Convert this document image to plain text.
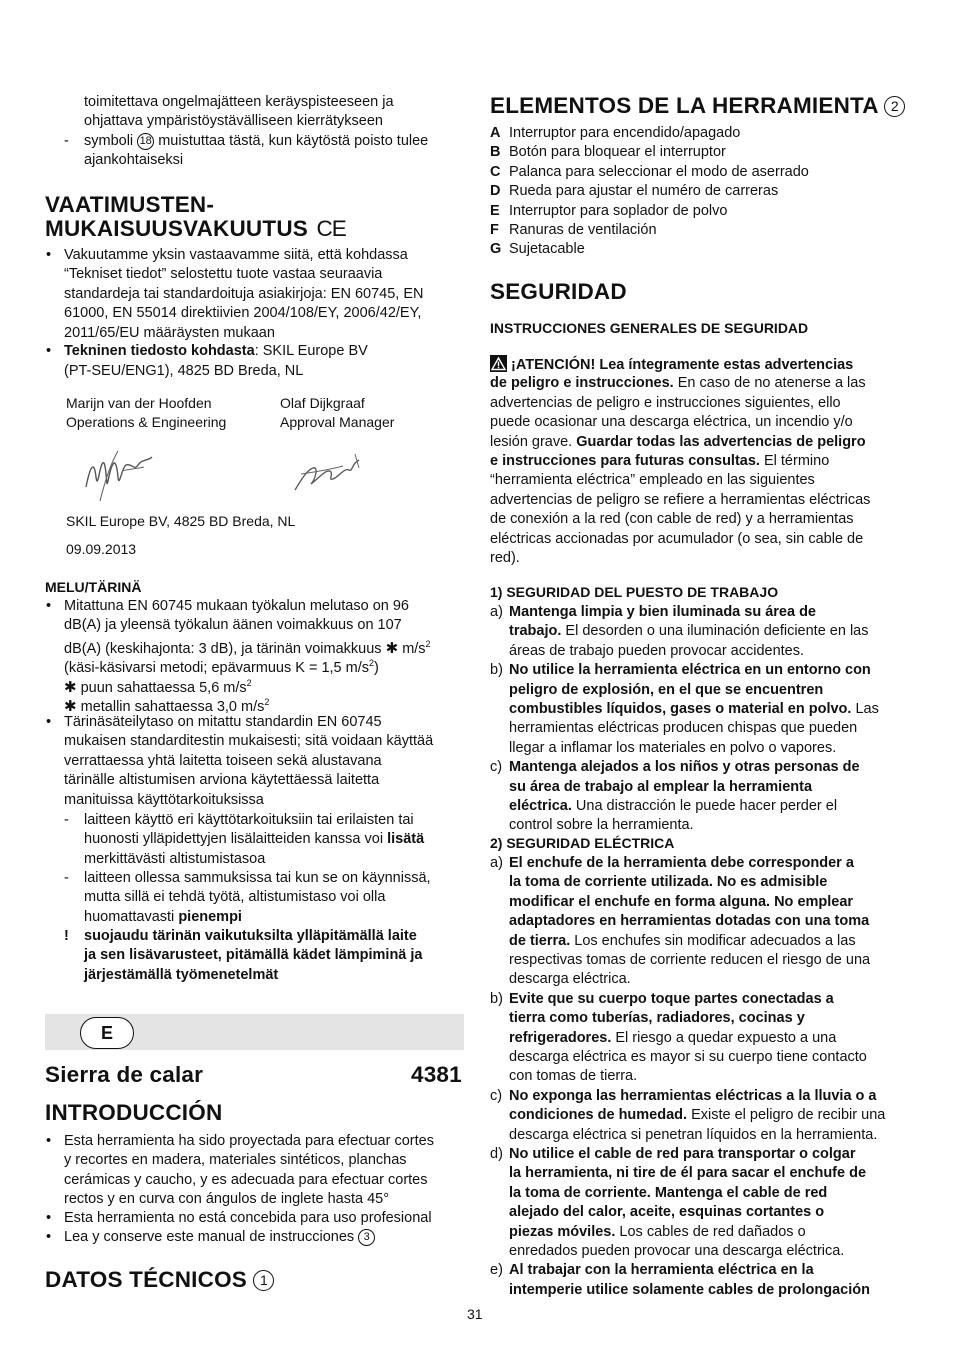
toimitettava ongelmajätteen keräyspisteeseen ja
ohjattava ympäristöystävälliseen kierrätykseen
- symboli 18 muistuttaa tästä, kun käytöstä poisto tulee
ajankohtaiseksi
VAATIMUSTEN-
MUKAISUUSVAKUUTUS CE
• Vakuutamme yksin vastaavamme siitä, että kohdassa
“Tekniset tiedot” selostettu tuote vastaa seuraavia
standardeja tai standardoituja asiakirjoja: EN 60745, EN
61000, EN 55014 direktiivien 2004/108/EY, 2006/42/EY,
2011/65/EU määräysten mukaan
• Tekninen tiedosto kohdasta: SKIL Europe BV
(PT-SEU/ENG1), 4825 BD Breda, NL
Marijn van der Hoofden
Operations & Engineering
Olaf Dijkgraaf
Approval Manager
SKIL Europe BV, 4825 BD Breda, NL
09.09.2013
MELU/TÄRINÄ
• Mitattuna EN 60745 mukaan työkalun melutaso on 96
dB(A) ja yleensä työkalun äänen voimakkuus on 107
dB(A) (keskihajonta: 3 dB), ja tärinän voimakkuus ✱ $m/s^2$
(käsi-käsivarsi metodi; epävarmuus K = 1,5 $m/s^2$)
✱ puun sahattaessa 5,6 $m/s^2$
✱ metallin sahattaessa 3,0 $m/s^2$
• Tärinäsäteilytaso on mitattu standardin EN 60745
mukaisen standarditestin mukaisesti; sitä voidaan käyttää
verrattaessa yhtä laitetta toiseen sekä alustavana
tärinälle altistumisen arviona käytettäessä laitetta
manituissa käyttötarkoituksissa
- laitteen käyttö eri käyttötarkoituksiin tai erilaisten tai
huonosti ylläpidettyjen lisälaitteiden kanssa voi lisätä
merkittävästi altistumistasoa
- laitteen ollessa sammuksissa tai kun se on käynnissä,
mutta sillä ei tehdä työtä, altistumistaso voi olla
huomattavasti pienempi
! suojaudu tärinän vaikutuksilta ylläpitämällä laite
ja sen lisävarusteet, pitämällä kädet lämpiminä ja
järjestämällä työmenetelmät
E
Sierra de calar	4381
INTRODUCCIÓN
• Esta herramienta ha sido proyectada para efectuar cortes
y recortes en madera, materiales sintéticos, planchas
cerámicas y caucho, y es adecuada para efectuar cortes
rectos y en curva con ángulos de inglete hasta 45°
• Esta herramienta no está concebida para uso profesional
• Lea y conserve este manual de instrucciones 3
DATOS TÉCNICOS 1
ELEMENTOS DE LA HERRAMIENTA 2
A Interruptor para encendido/apagado
B Botón para bloquear el interruptor
C Palanca para seleccionar el modo de aserrado
D Rueda para ajustar el numéro de carreras
E Interruptor para soplador de polvo
F Ranuras de ventilación
G Sujetacable
SEGURIDAD
INSTRUCCIONES GENERALES DE SEGURIDAD
¡ATENCIÓN! Lea íntegramente estas advertencias
de peligro e instrucciones. En caso de no atenerse a las
advertencias de peligro e instrucciones siguientes, ello
puede ocasionar una descarga eléctrica, un incendio y/o
lesión grave. Guardar todas las advertencias de peligro
e instrucciones para futuras consultas. El término
“herramienta eléctrica” empleado en las siguientes
advertencias de peligro se refiere a herramientas eléctricas
de conexión a la red (con cable de red) y a herramientas
eléctricas accionadas por acumulador (o sea, sin cable de
red).
1) SEGURIDAD DEL PUESTO DE TRABAJO
a) Mantenga limpia y bien iluminada su área de
trabajo. El desorden o una iluminación deficiente en las
áreas de trabajo pueden provocar accidentes.
b) No utilice la herramienta eléctrica en un entorno con
peligro de explosión, en el que se encuentren
combustibles líquidos, gases o material en polvo. Las
herramientas eléctricas producen chispas que pueden
llegar a inflamar los materiales en polvo o vapores.
c) Mantenga alejados a los niños y otras personas de
su área de trabajo al emplear la herramienta
eléctrica. Una distracción le puede hacer perder el
control sobre la herramienta.
2) SEGURIDAD ELÉCTRICA
a) El enchufe de la herramienta debe corresponder a
la toma de corriente utilizada. No es admisible
modificar el enchufe en forma alguna. No emplear
adaptadores en herramientas dotadas con una toma
de tierra. Los enchufes sin modificar adecuados a las
respectivas tomas de corriente reducen el riesgo de una
descarga eléctrica.
b) Evite que su cuerpo toque partes conectadas a
tierra como tuberías, radiadores, cocinas y
refrigeradores. El riesgo a quedar expuesto a una
descarga eléctrica es mayor si su cuerpo tiene contacto
con tomas de tierra.
c) No exponga las herramientas eléctricas a la lluvia o a
condiciones de humedad. Existe el peligro de recibir una
descarga eléctrica si penetran líquidos en la herramienta.
d) No utilice el cable de red para transportar o colgar
la herramienta, ni tire de él para sacar el enchufe de
la toma de corriente. Mantenga el cable de red
alejado del calor, aceite, esquinas cortantes o
piezas móviles. Los cables de red dañados o
enredados pueden provocar una descarga eléctrica.
e) Al trabajar con la herramienta eléctrica en la
intemperie utilice solamente cables de prolongación
31
